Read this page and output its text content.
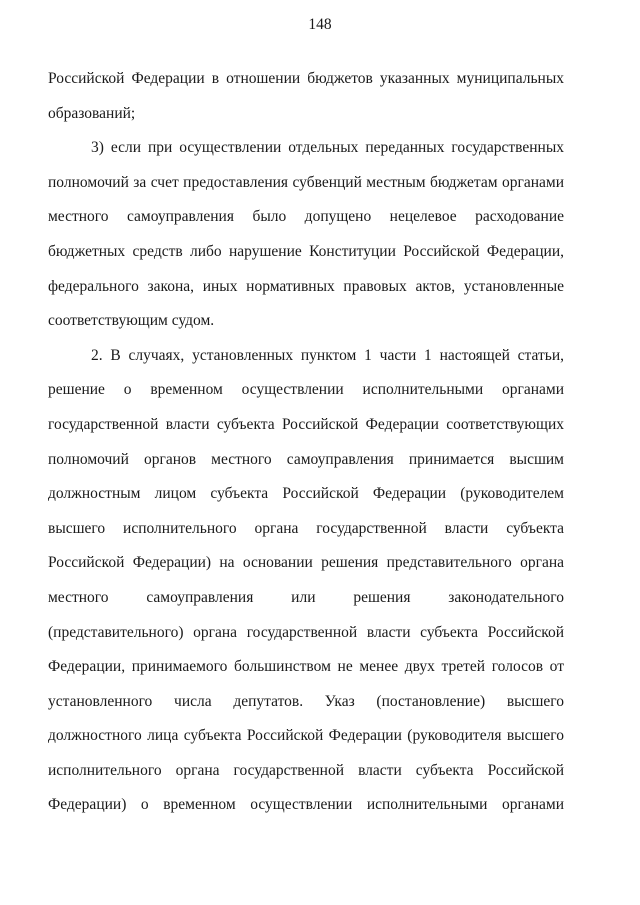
148
Российской Федерации в отношении бюджетов указанных муниципальных
образований;
3) если при осуществлении отдельных переданных государственных
полномочий за счет предоставления субвенций местным бюджетам органами
местного самоуправления было допущено нецелевое расходование
бюджетных средств либо нарушение Конституции Российской Федерации,
федерального закона, иных нормативных правовых актов, установленные
соответствующим судом.
2. В случаях, установленных пунктом 1 части 1 настоящей статьи,
решение о временном осуществлении исполнительными органами
государственной власти субъекта Российской Федерации соответствующих
полномочий органов местного самоуправления принимается высшим
должностным лицом субъекта Российской Федерации (руководителем
высшего исполнительного органа государственной власти субъекта
Российской Федерации) на основании решения представительного органа
местного самоуправления или решения законодательного
(представительного) органа государственной власти субъекта Российской
Федерации, принимаемого большинством не менее двух третей голосов от
установленного числа депутатов. Указ (постановление) высшего
должностного лица субъекта Российской Федерации (руководителя высшего
исполнительного органа государственной власти субъекта Российской
Федерации) о временном осуществлении исполнительными органами
